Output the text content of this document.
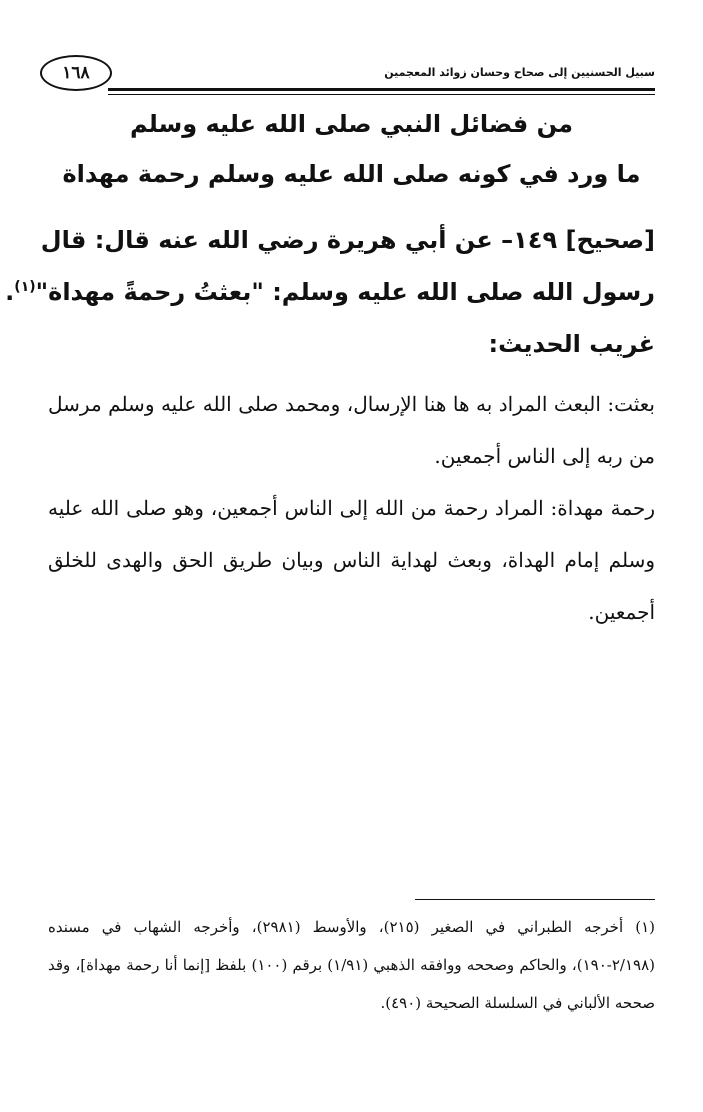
١٦٨	سبيل الحسنيين إلى صحاح وحسان زوائد المعجمين
من فضائل النبي صلى الله عليه وسلم
ما ورد في كونه صلى الله عليه وسلم رحمة مهداة
[صحيح] ١٤٩– عن أبي هريرة رضي الله عنه قال: قال
رسول الله صلى الله عليه وسلم: "بعثتُ رحمةً مهداة"$^{(١)}$.
غريب الحديث:
بعثت: البعث المراد به ها هنا الإرسال، ومحمد صلى الله عليه وسلم مرسل من ربه إلى الناس أجمعين.
رحمة مهداة: المراد رحمة من الله إلى الناس أجمعين، وهو صلى الله عليه وسلم إمام الهداة، وبعث لهداية الناس وبيان طريق الحق والهدى للخلق أجمعين.
(١) أخرجه الطبراني في الصغير (٢١٥)، والأوسط (٢٩٨١)، وأخرجه الشهاب في مسنده (٢/١٩٨-١٩٠)، والحاكم وصححه ووافقه الذهبي (١/٩١) برقم (١٠٠) بلفظ [إنما أنا رحمة مهداة]، وقد صححه الألباني في السلسلة الصحيحة (٤٩٠).
